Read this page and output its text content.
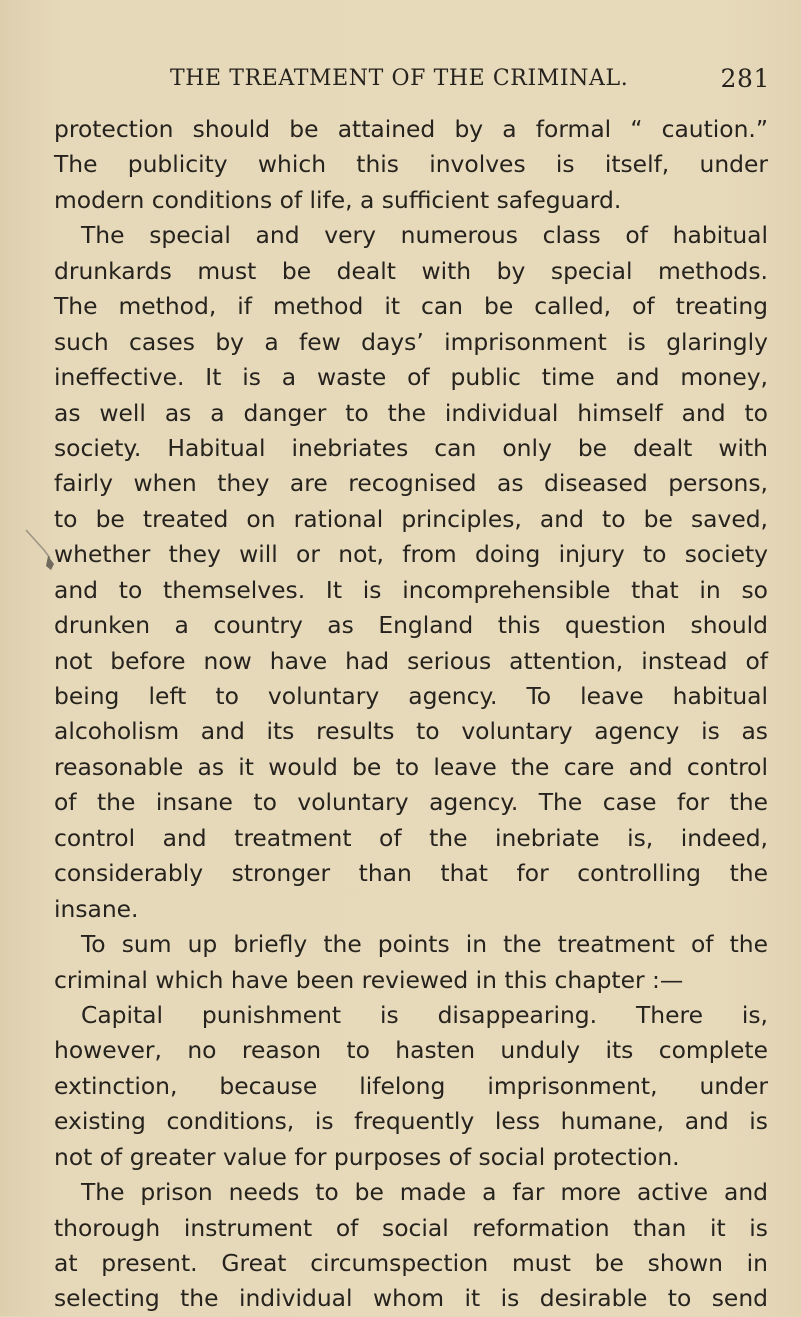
THE TREATMENT OF THE CRIMINAL.	281
protection should be attained by a formal “ caution.”
The publicity which this involves is itself, under
modern conditions of life, a sufficient safeguard.
The special and very numerous class of habitual
drunkards must be dealt with by special methods.
The method, if method it can be called, of treating
such cases by a few days’ imprisonment is glaringly
ineffective. It is a waste of public time and money,
as well as a danger to the individual himself and to
society. Habitual inebriates can only be dealt with
fairly when they are recognised as diseased persons,
to be treated on rational principles, and to be saved,
whether they will or not, from doing injury to society
and to themselves. It is incomprehensible that in so
drunken a country as England this question should
not before now have had serious attention, instead of
being left to voluntary agency. To leave habitual
alcoholism and its results to voluntary agency is as
reasonable as it would be to leave the care and control
of the insane to voluntary agency. The case for the
control and treatment of the inebriate is, indeed,
considerably stronger than that for controlling the
insane.
To sum up briefly the points in the treatment of the
criminal which have been reviewed in this chapter :—
Capital punishment is disappearing. There is,
however, no reason to hasten unduly its complete
extinction, because lifelong imprisonment, under
existing conditions, is frequently less humane, and is
not of greater value for purposes of social protection.
The prison needs to be made a far more active and
thorough instrument of social reformation than it is
at present. Great circumspection must be shown in
selecting the individual whom it is desirable to send
